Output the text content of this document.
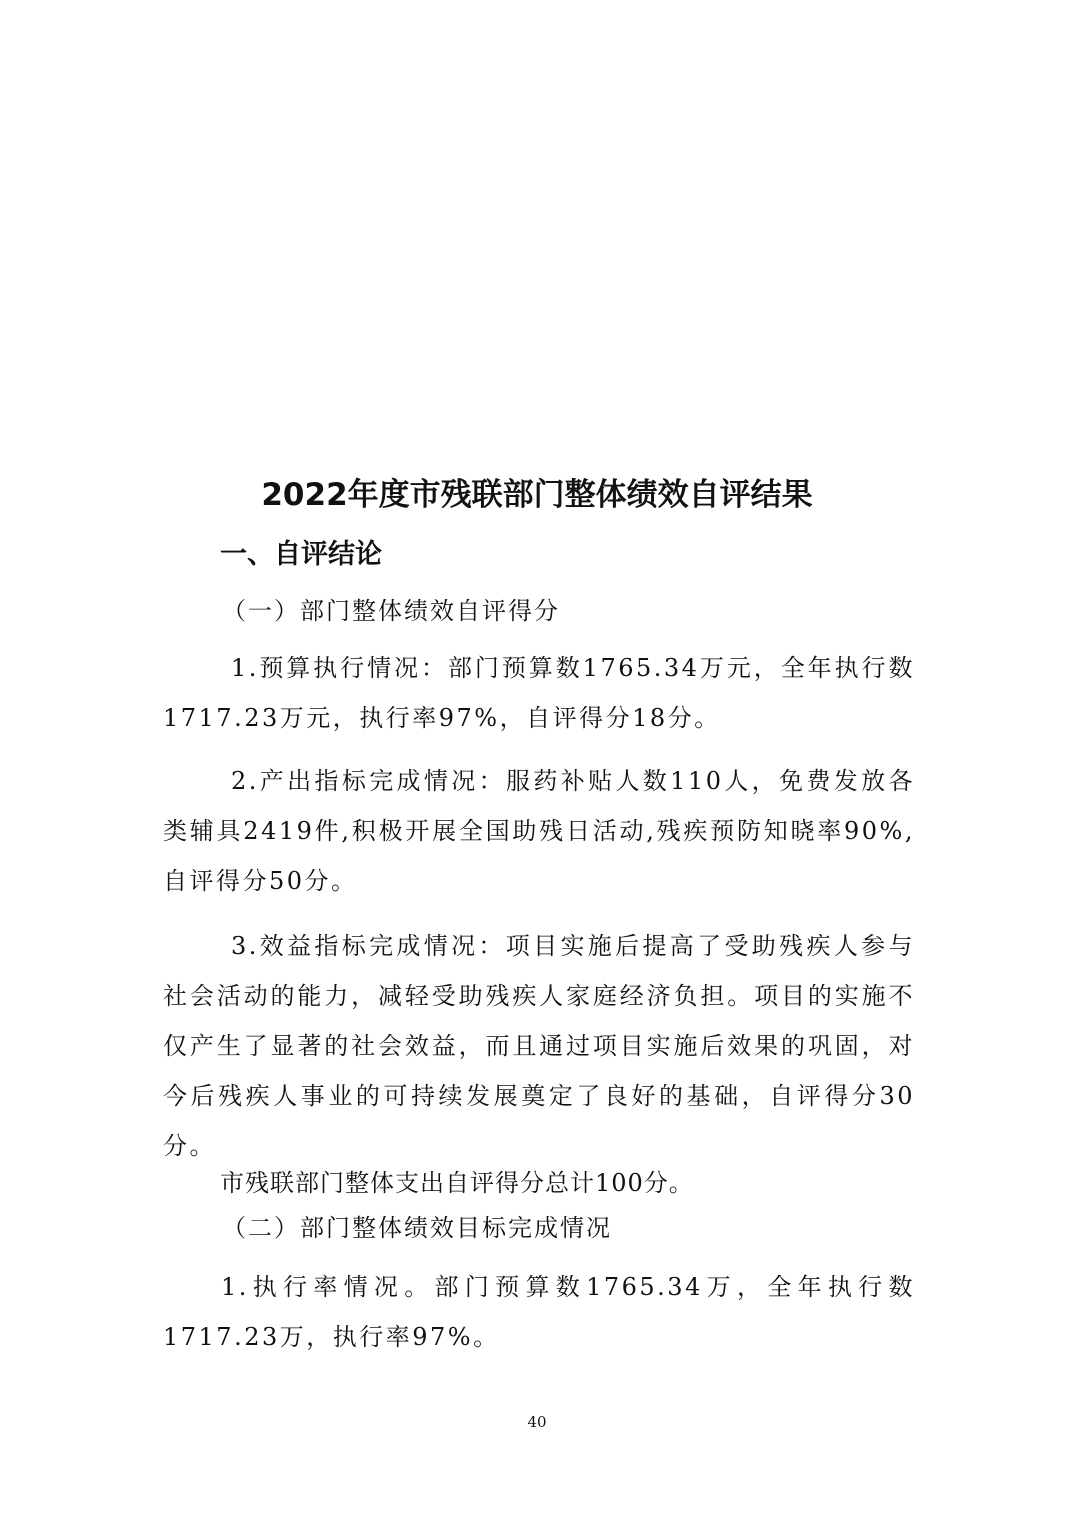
2022年度市残联部门整体绩效自评结果
一、自评结论
（一）部门整体绩效自评得分
1.预算执行情况：部门预算数1765.34万元，全年执行数1717.23万元，执行率97%，自评得分18分。
2.产出指标完成情况：服药补贴人数110人，免费发放各类辅具2419件,积极开展全国助残日活动,残疾预防知晓率90%,自评得分50分。
3.效益指标完成情况：项目实施后提高了受助残疾人参与社会活动的能力，减轻受助残疾人家庭经济负担。项目的实施不仅产生了显著的社会效益，而且通过项目实施后效果的巩固，对今后残疾人事业的可持续发展奠定了良好的基础，自评得分30分。
市残联部门整体支出自评得分总计100分。
（二）部门整体绩效目标完成情况
1.执行率情况。部门预算数1765.34万，全年执行数1717.23万，执行率97%。
40
